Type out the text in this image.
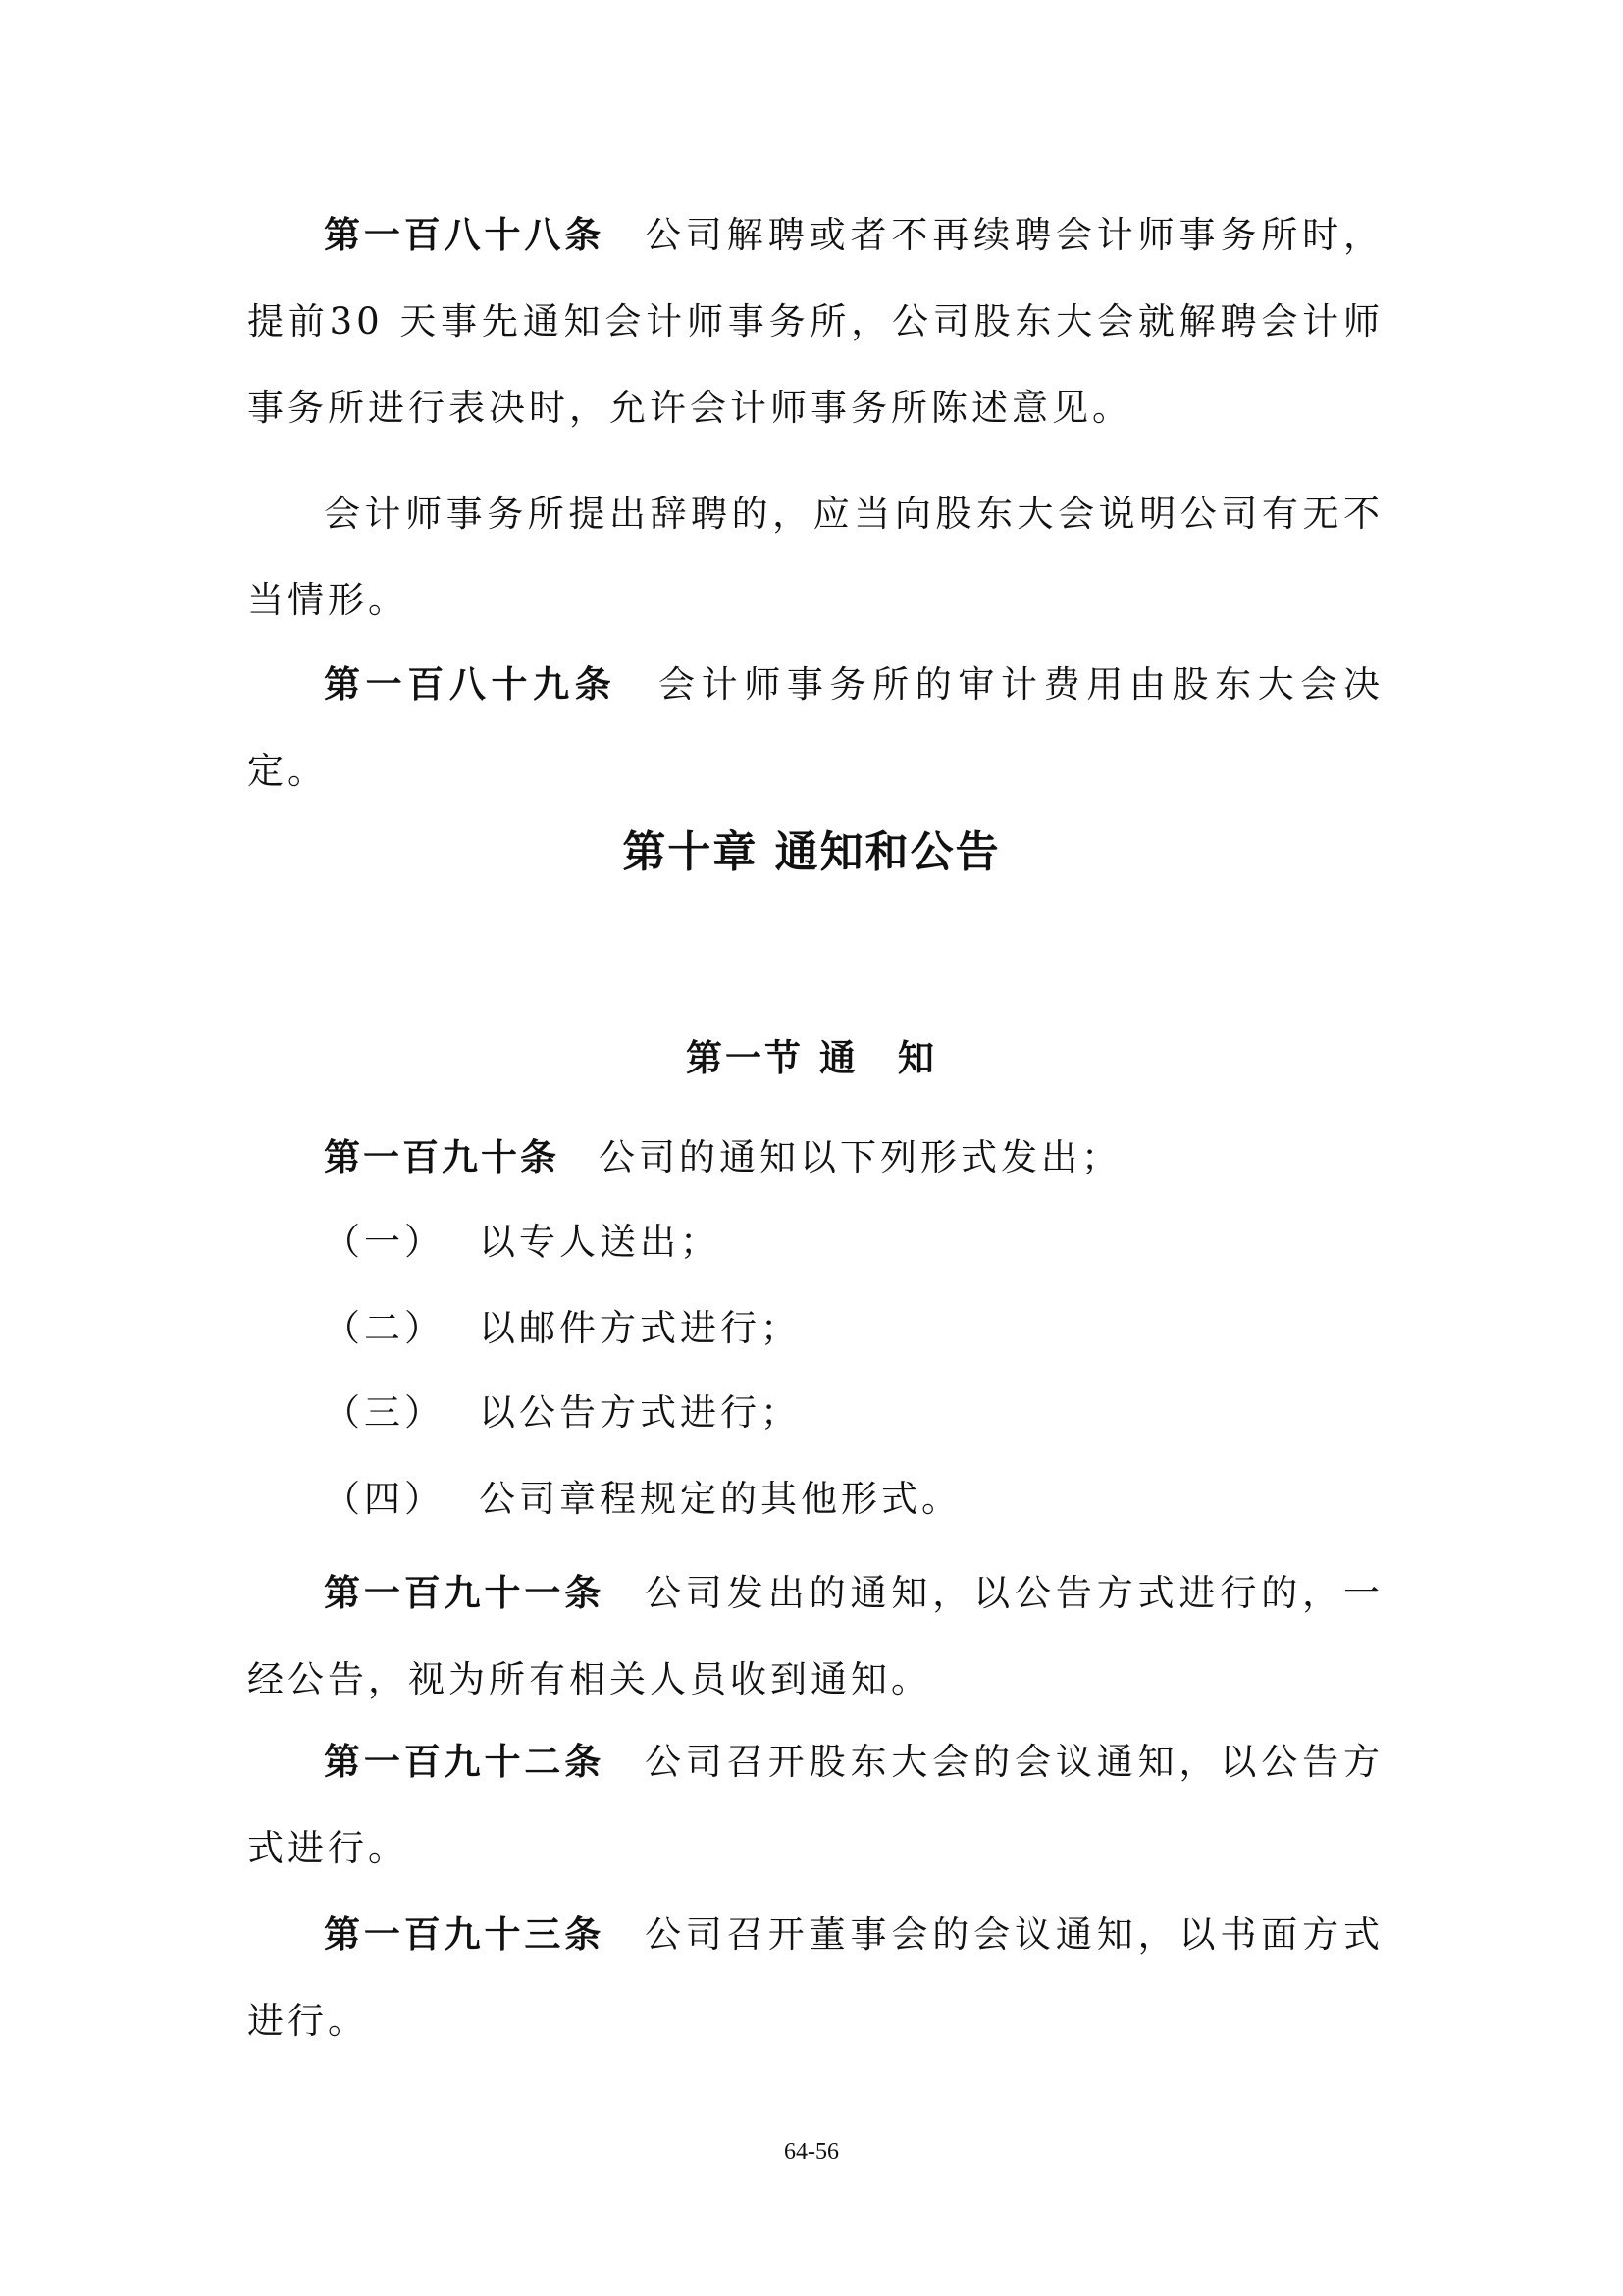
第一百八十八条 公司解聘或者不再续聘会计师事务所时，提前30 天事先通知会计师事务所，公司股东大会就解聘会计师事务所进行表决时，允许会计师事务所陈述意见。

会计师事务所提出辞聘的，应当向股东大会说明公司有无不当情形。

第一百八十九条 会计师事务所的审计费用由股东大会决定。

第十章 通知和公告
第一节 通　知

第一百九十条 公司的通知以下列形式发出；

（一） 以专人送出；

（二） 以邮件方式进行；

（三） 以公告方式进行；

（四） 公司章程规定的其他形式。

第一百九十一条 公司发出的通知，以公告方式进行的，一经公告，视为所有相关人员收到通知。

第一百九十二条 公司召开股东大会的会议通知，以公告方式进行。

第一百九十三条 公司召开董事会的会议通知，以书面方式进行。

64-56
